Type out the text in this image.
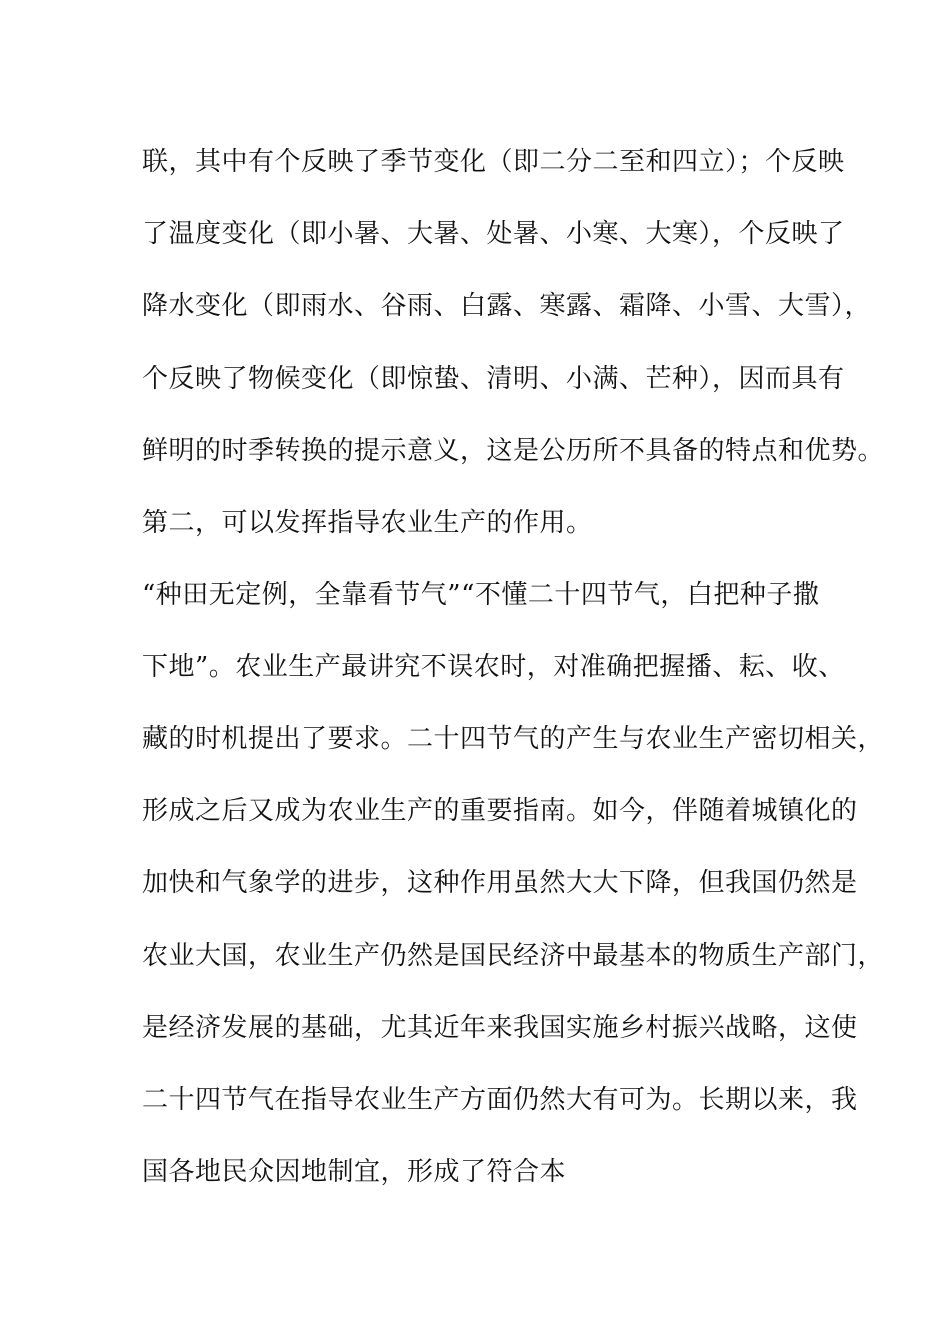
联，其中有个反映了季节变化（即二分二至和四立）；个反映
了温度变化（即小暑、大暑、处暑、小寒、大寒），个反映了
降水变化（即雨水、谷雨、白露、寒露、霜降、小雪、大雪），
个反映了物候变化（即惊蛰、清明、小满、芒种），因而具有
鲜明的时季转换的提示意义，这是公历所不具备的特点和优势。
第二，可以发挥指导农业生产的作用。
“种田无定例，全靠看节气”“不懂二十四节气，白把种子撒
下地”。农业生产最讲究不误农时，对准确把握播、耘、收、
藏的时机提出了要求。二十四节气的产生与农业生产密切相关，
形成之后又成为农业生产的重要指南。如今，伴随着城镇化的
加快和气象学的进步，这种作用虽然大大下降，但我国仍然是
农业大国，农业生产仍然是国民经济中最基本的物质生产部门，
是经济发展的基础，尤其近年来我国实施乡村振兴战略，这使
二十四节气在指导农业生产方面仍然大有可为。长期以来，我
国各地民众因地制宜，形成了符合本
